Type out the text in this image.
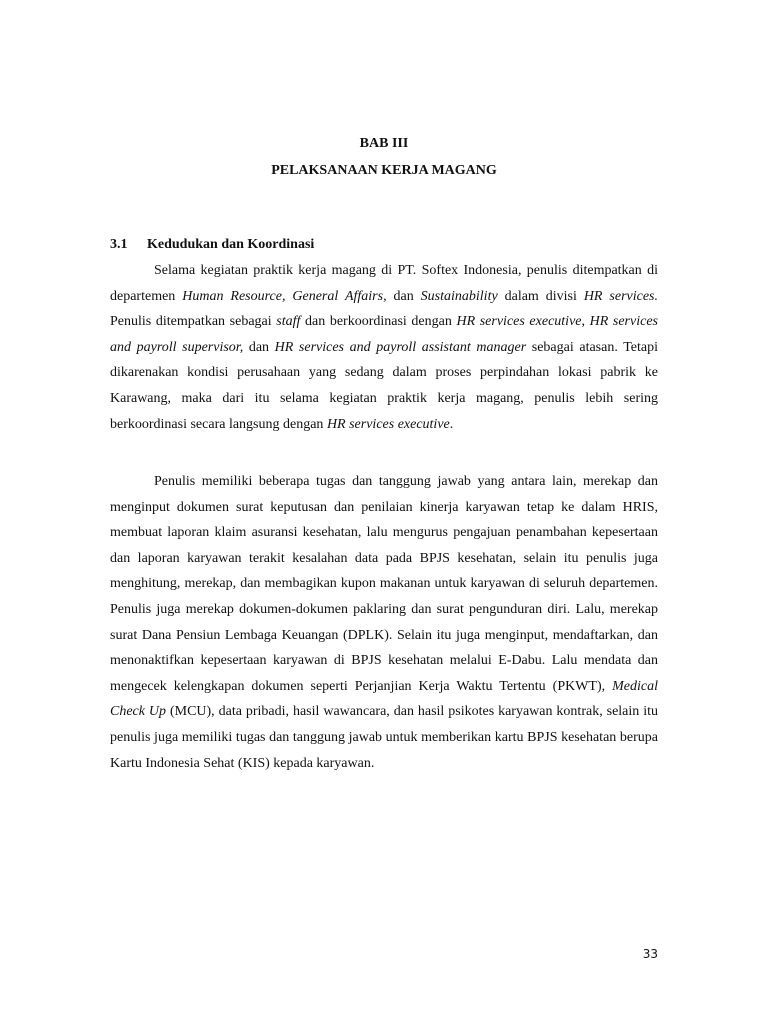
BAB III
PELAKSANAAN KERJA MAGANG
3.1 Kedudukan dan Koordinasi

Selama kegiatan praktik kerja magang di PT. Softex Indonesia, penulis ditempatkan di departemen Human Resource, General Affairs, dan Sustainability dalam divisi HR services. Penulis ditempatkan sebagai staff dan berkoordinasi dengan HR services executive, HR services and payroll supervisor, dan HR services and payroll assistant manager sebagai atasan. Tetapi dikarenakan kondisi perusahaan yang sedang dalam proses perpindahan lokasi pabrik ke Karawang, maka dari itu selama kegiatan praktik kerja magang, penulis lebih sering berkoordinasi secara langsung dengan HR services executive.

Penulis memiliki beberapa tugas dan tanggung jawab yang antara lain, merekap dan menginput dokumen surat keputusan dan penilaian kinerja karyawan tetap ke dalam HRIS, membuat laporan klaim asuransi kesehatan, lalu mengurus pengajuan penambahan kepesertaan dan laporan karyawan terakit kesalahan data pada BPJS kesehatan, selain itu penulis juga menghitung, merekap, dan membagikan kupon makanan untuk karyawan di seluruh departemen. Penulis juga merekap dokumen-dokumen paklaring dan surat pengunduran diri. Lalu, merekap surat Dana Pensiun Lembaga Keuangan (DPLK). Selain itu juga menginput, mendaftarkan, dan menonaktifkan kepesertaan karyawan di BPJS kesehatan melalui E-Dabu. Lalu mendata dan mengecek kelengkapan dokumen seperti Perjanjian Kerja Waktu Tertentu (PKWT), Medical Check Up (MCU), data pribadi, hasil wawancara, dan hasil psikotes karyawan kontrak, selain itu penulis juga memiliki tugas dan tanggung jawab untuk memberikan kartu BPJS kesehatan berupa Kartu Indonesia Sehat (KIS) kepada karyawan.

33
